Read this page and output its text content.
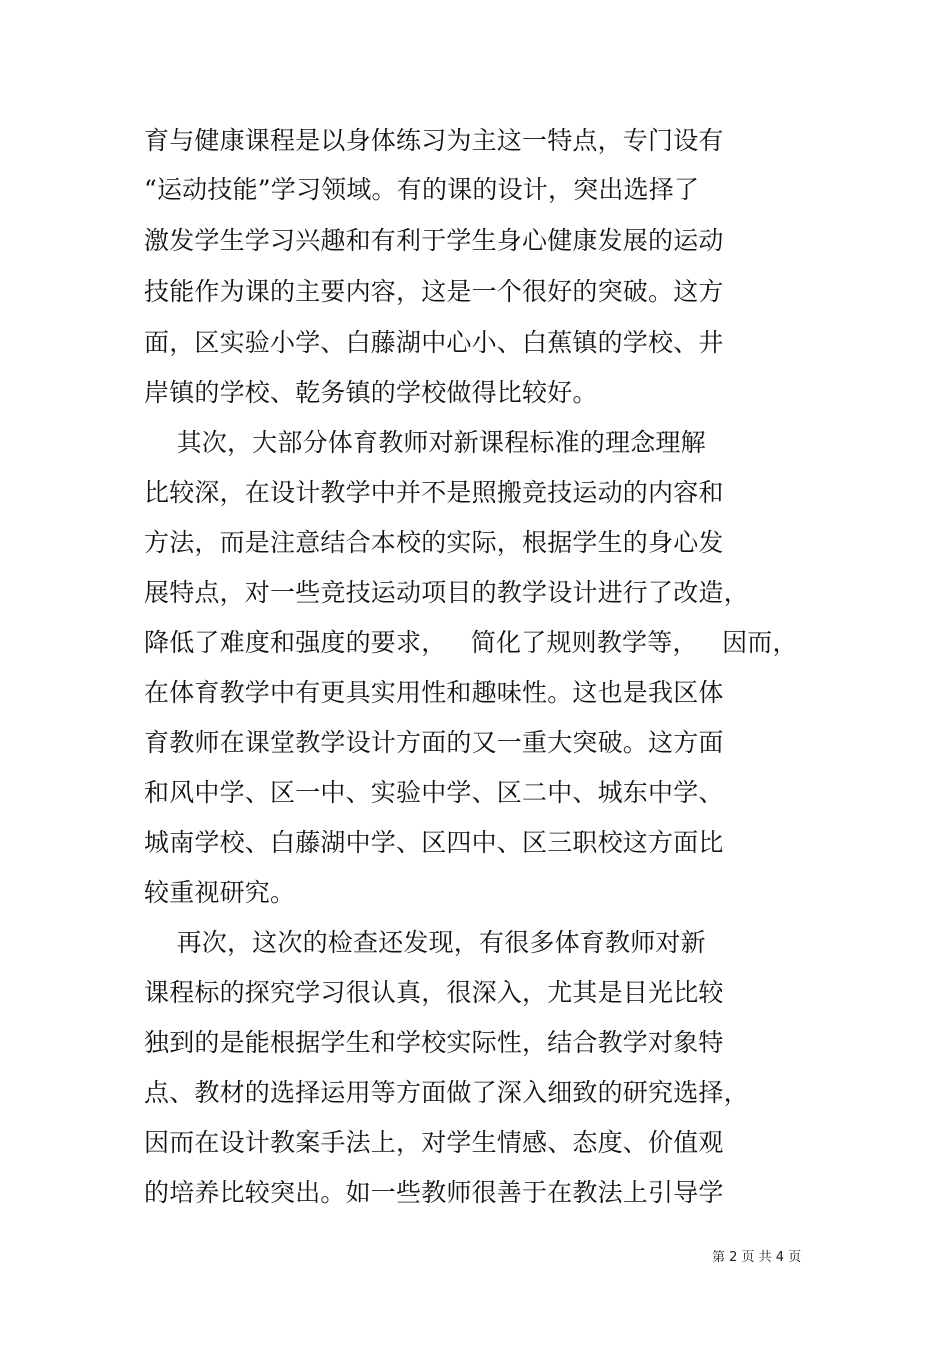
育与健康课程是以身体练习为主这一特点，专门设有
“运动技能”学习领域。有的课的设计，突出选择了
激发学生学习兴趣和有利于学生身心健康发展的运动
技能作为课的主要内容，这是一个很好的突破。这方
面，区实验小学、白藤湖中心小、白蕉镇的学校、井
岸镇的学校、乾务镇的学校做得比较好。
其次，大部分体育教师对新课程标准的理念理解
比较深，在设计教学中并不是照搬竞技运动的内容和
方法，而是注意结合本校的实际，根据学生的身心发
展特点，对一些竞技运动项目的教学设计进行了改造，
降低了难度和强度的要求，   简化了规则教学等，   因而，
在体育教学中有更具实用性和趣味性。这也是我区体
育教师在课堂教学设计方面的又一重大突破。这方面
和风中学、区一中、实验中学、区二中、城东中学、
城南学校、白藤湖中学、区四中、区三职校这方面比
较重视研究。
再次，这次的检查还发现，有很多体育教师对新
课程标的探究学习很认真，很深入，尤其是目光比较
独到的是能根据学生和学校实际性，结合教学对象特
点、教材的选择运用等方面做了深入细致的研究选择，
因而在设计教案手法上，对学生情感、态度、价值观
的培养比较突出。如一些教师很善于在教法上引导学
第 2 页 共 4 页
